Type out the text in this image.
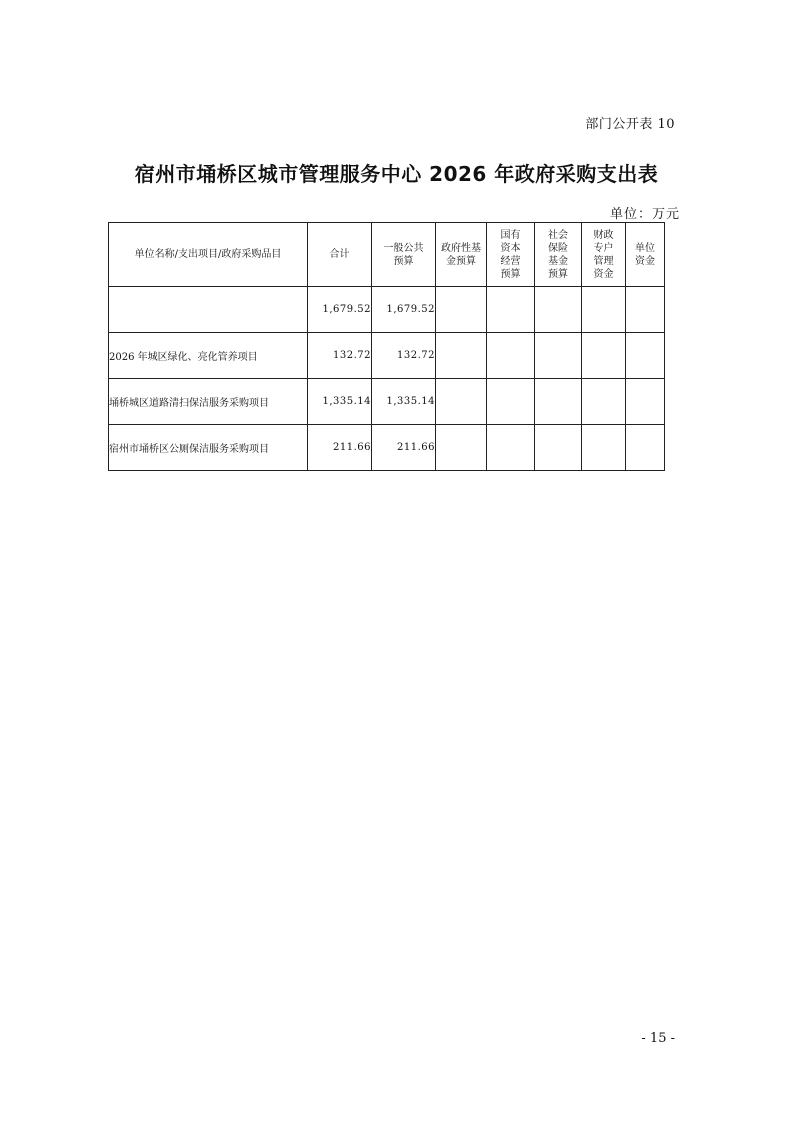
部门公开表 10
宿州市埇桥区城市管理服务中心 2026 年政府采购支出表
单位：万元
单位名称/支出项目/政府采购品目	合计	一般公共预算	政府性基金预算	国有资本经营预算	社会保险基金预算	财政专户管理资金	单位资金
	1,679.52	1,679.52					
2026 年城区绿化、亮化管养项目	132.72	132.72					
埇桥城区道路清扫保洁服务采购项目	1,335.14	1,335.14					
宿州市埇桥区公厕保洁服务采购项目	211.66	211.66					
- 15 -
